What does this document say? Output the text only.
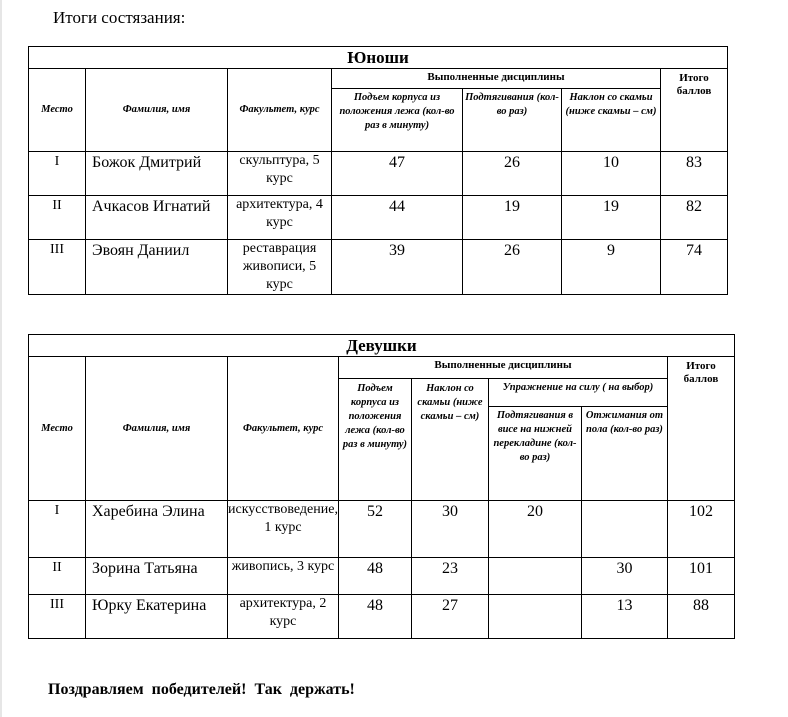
Итоги состязания:
Юноши						
Место	Фамилия, имя	Факультет, курс	Выполненные дисциплины			Итого баллов
			Подъем корпуса из положения лежа (кол-во раз в минуту)	Подтягивания (кол-во раз)	Наклон со скамьи (ниже скамьи – см)	
I	Божок Дмитрий	скульптура, 5 курс	47	26	10	83
II	Ачкасов Игнатий	архитектура, 4 курс	44	19	19	82
III	Эвоян Даниил	реставрация живописи, 5 курс	39	26	9	74
Девушки							
Место	Фамилия, имя	Факультет, курс	Выполненные дисциплины				Итого баллов
			Подъем корпуса из положения лежа (кол-во раз в минуту)	Наклон со скамьи (ниже скамьи – см)	Упражнение на силу ( на выбор)		
					Подтягивания в висе на нижней перекладине (кол-во раз)	Отжимания от пола (кол-во раз)	
I	Харебина Элина	искусствоведение, 1 курс	52	30	20		102
II	Зорина Татьяна	живопись, 3 курс	48	23		30	101
III	Юрку Екатерина	архитектура, 2 курс	48	27		13	88
Поздравляем победителей! Так держать!
